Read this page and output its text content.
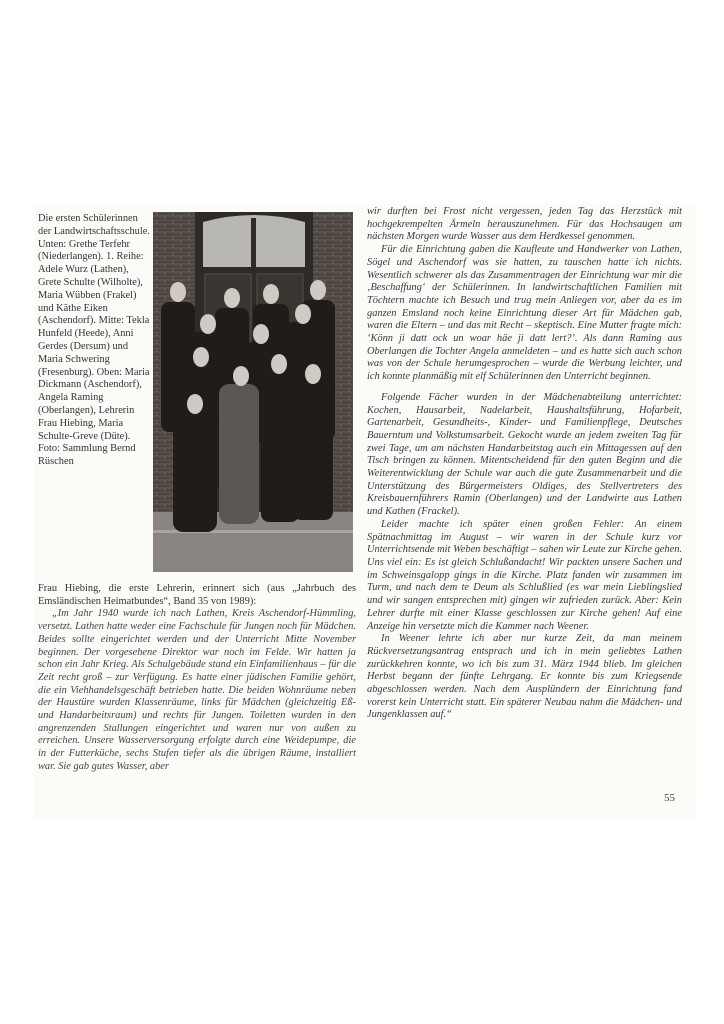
Die ersten Schülerinnen der Landwirtschaftsschule. Unten: Grethe Terfehr (Niederlangen). 1. Reihe: Adele Wurz (Lathen), Grete Schulte (Wilholte), Maria Wübben (Frakel) und Käthe Eiken (Aschendorf). Mitte: Tekla Hunfeld (Heede), Anni Gerdes (Dersum) und Maria Schwering (Fresenburg). Oben: Maria Dickmann (Aschendorf), Angela Raming (Oberlangen), Lehrerin Frau Hiebing, Maria Schulte-Greve (Düte). Foto: Sammlung Bernd Rüschen

Frau Hiebing, die erste Lehrerin, erinnert sich (aus „Jahrbuch des Emsländischen Heimatbundes“, Band 35 von 1989):

„Im Jahr 1940 wurde ich nach Lathen, Kreis Aschendorf-Hümmling, versetzt. Lathen hatte weder eine Fachschule für Jungen noch für Mädchen. Beides sollte eingerichtet werden und der Unterricht Mitte November beginnen. Der vorgesehene Direktor war noch im Felde. Wir hatten ja schon ein Jahr Krieg. Als Schulgebäude stand ein Einfamilienhaus – für die Zeit recht groß – zur Verfügung. Es hatte einer jüdischen Familie gehört, die ein Viehhandelsgeschäft betrieben hatte. Die beiden Wohnräume neben der Haustüre wurden Klassenräume, links für Mädchen (gleichzeitig Eß- und Handarbeitsraum) und rechts für Jungen. Toiletten wurden in den angrenzenden Stallungen eingerichtet und waren nur von außen zu erreichen. Unsere Wasserversorgung erfolgte durch eine Weidepumpe, die in der Futterküche, sechs Stufen tiefer als die übrigen Räume, installiert war. Sie gab gutes Wasser, aber

wir durften bei Frost nicht vergessen, jeden Tag das Herzstück mit hochgekrempelten Ärmeln herauszunehmen. Für das Hochsaugen am nächsten Morgen wurde Wasser aus dem Herdkessel genommen.

Für die Einrichtung gaben die Kaufleute und Handwerker von Lathen, Sögel und Aschendorf was sie hatten, zu tauschen hatte ich nichts. Wesentlich schwerer als das Zusammentragen der Einrichtung war mir die ‚Beschaffung‘ der Schülerinnen. In landwirtschaftlichen Familien mit Töchtern machte ich Besuch und trug mein Anliegen vor, aber da es im ganzen Emsland noch keine Einrichtung dieser Art für Mädchen gab, waren die Eltern – und das mit Recht – skeptisch. Eine Mutter fragte mich: ‘Könn ji datt ock un woar häe ji datt lert?’. Als dann Raming aus Oberlangen die Tochter Angela anmeldeten – und es hatte sich auch schon was von der Schule herumgesprochen – wurde die Werbung leichter, und ich konnte planmäßig mit elf Schülerinnen den Unterricht beginnen.

Folgende Fächer wurden in der Mädchenabteilung unterrichtet: Kochen, Hausarbeit, Nadelarbeit, Haushaltsführung, Hofarbeit, Gartenarbeit, Gesundheits-, Kinder- und Familienpflege, Deutsches Bauerntum und Volkstumsarbeit. Gekocht wurde an jedem zweiten Tag für zwei Tage, um am nächsten Handarbeitstag auch ein Mittagessen auf den Tisch bringen zu können. Mitentscheidend für den guten Beginn und die Weiterentwicklung der Schule war auch die gute Zusammenarbeit und die Unterstützung des Bürgermeisters Oldiges, des Stellvertreters des Kreisbauernführers Ramin (Oberlangen) und der Landwirte aus Lathen und Kathen (Frackel).

Leider machte ich später einen großen Fehler: An einem Spätnachmittag im August – wir waren in der Schule kurz vor Unterrichtsende mit Weben beschäftigt – sahen wir Leute zur Kirche gehen. Uns viel ein: Es ist gleich Schlußandacht! Wir packten unsere Sachen und im Schweinsgalopp gings in die Kirche. Platz fanden wir zusammen im Turm, und nach dem te Deum als Schlußlied (es war mein Lieblingslied und wir sangen entsprechen mit) gingen wir zufrieden zurück. Aber: Kein Lehrer durfte mit einer Klasse geschlossen zur Kirche gehen! Auf eine Anzeige hin versetzte mich die Kammer nach Weener.

In Weener lehrte ich aber nur kurze Zeit, da man meinem Rückversetzungsantrag entsprach und ich in mein geliebtes Lathen zurückkehren konnte, wo ich bis zum 31. März 1944 blieb. Im gleichen Herbst begann der fünfte Lehrgang. Er konnte bis zum Kriegsende abgeschlossen werden. Nach dem Ausplündern der Einrichtung fand vorerst kein Unterricht statt. Ein späterer Neubau nahm die Mädchen- und Jungenklassen auf.“

55
